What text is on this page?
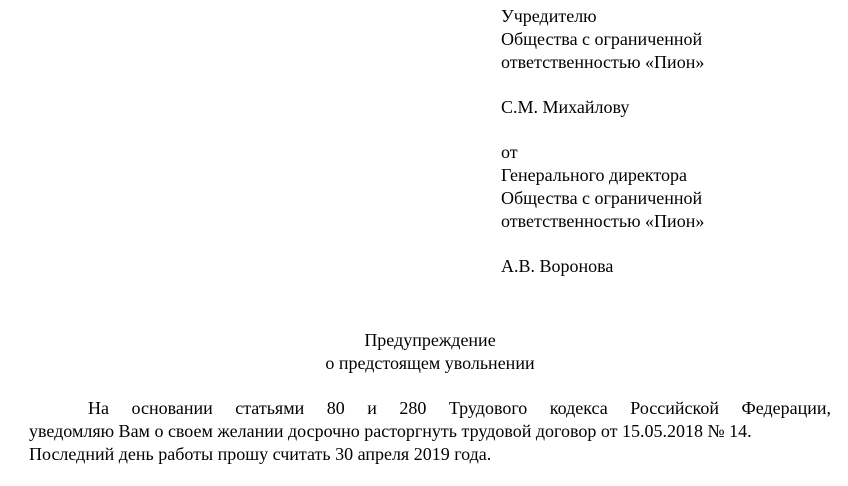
Учредителю
Общества с ограниченной
ответственностью «Пион»
С.М. Михайлову
от
Генерального директора
Общества с ограниченной
ответственностью «Пион»
А.В. Воронова
Предупреждение
о предстоящем увольнении
На основании статьями 80 и 280 Трудового кодекса Российской Федерации,
уведомляю Вам о своем желании досрочно расторгнуть трудовой договор от 15.05.2018 № 14.
Последний день работы прошу считать 30 апреля 2019 года.
